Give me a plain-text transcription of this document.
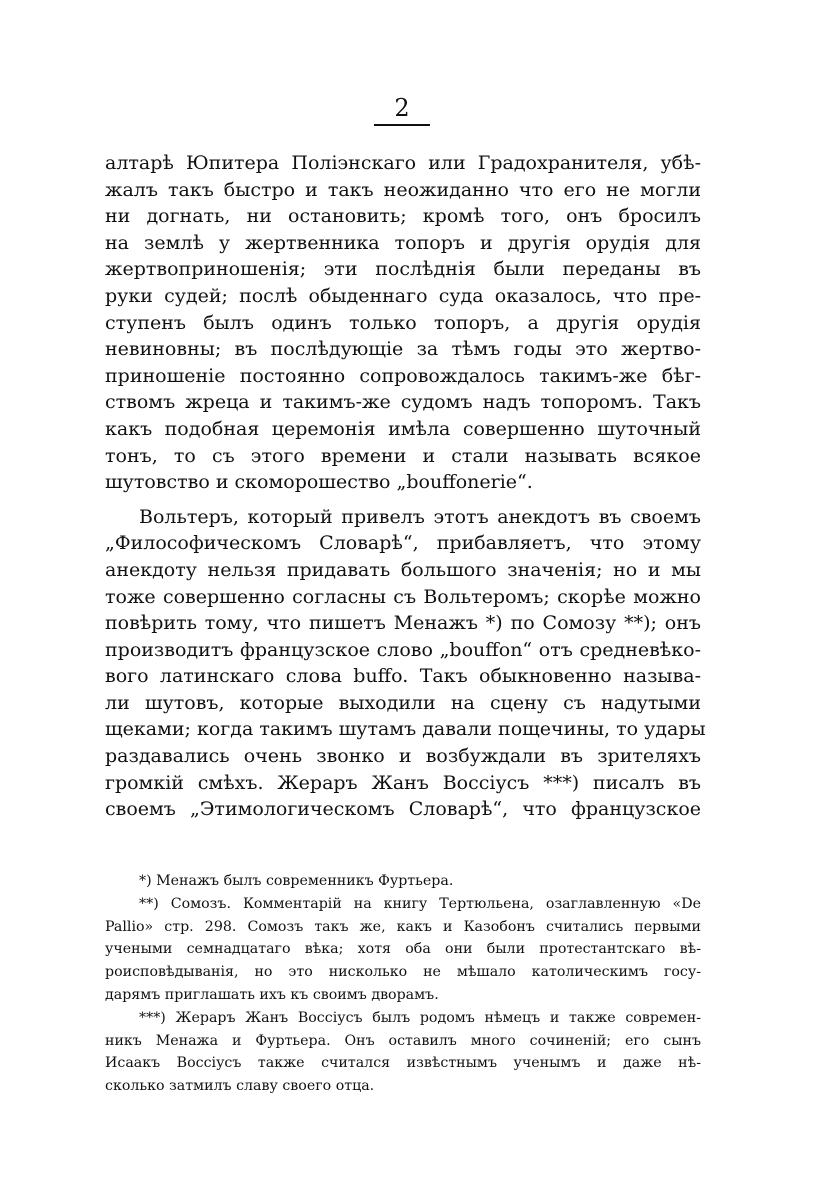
2
алтарѣ Юпитера Поліэнскаго или Градохранителя, убѣ-
жалъ такъ быстро и такъ неожиданно что его не могли
ни догнать, ни остановить; кромѣ того, онъ бросилъ
на землѣ у жертвенника топоръ и другія орудія для
жертвоприношенія; эти послѣднія были переданы въ
руки судей; послѣ обыденнаго суда оказалось, что пре-
ступенъ былъ одинъ только топоръ, а другія орудія
невиновны; въ послѣдующіе за тѣмъ годы это жертво-
приношеніе постоянно сопровождалось такимъ-же бѣг-
ствомъ жреца и такимъ-же судомъ надъ топоромъ. Такъ
какъ подобная церемонія имѣла совершенно шуточный
тонъ, то съ этого времени и стали называть всякое
шутовство и скоморошество „bouffonerie“.
Вольтеръ, который привелъ этотъ анекдотъ въ своемъ
„Философическомъ Словарѣ“, прибавляетъ, что этому
анекдоту нельзя придавать большого значенія; но и мы
тоже совершенно согласны съ Вольтеромъ; скорѣе можно
повѣрить тому, что пишетъ Менажъ *) по Сомозу **); онъ
производитъ французское слово „bouffon“ отъ средневѣко-
вого латинскаго слова buffo. Такъ обыкновенно называ-
ли шутовъ, которые выходили на сцену съ надутыми
щеками; когда такимъ шутамъ давали пощечины, то удары
раздавались очень звонко и возбуждали въ зрителяхъ
громкій смѣхъ. Жераръ Жанъ Воссіусъ ***) писалъ въ
своемъ „Этимологическомъ Словарѣ“, что французское
*) Менажъ былъ современникъ Фуртьера.
**) Сомозъ. Комментарій на книгу Тертюльена, озаглавленную «De
Pallio» стр. 298. Сомозъ такъ же, какъ и Казобонъ считались первыми
учеными семнадцатаго вѣка; хотя оба они были протестантскаго вѣ-
роисповѣдыванія, но это нисколько не мѣшало католическимъ госу-
дарямъ приглашать ихъ къ своимъ дворамъ.
***) Жераръ Жанъ Воссіусъ былъ родомъ нѣмецъ и также современ-
никъ Менажа и Фуртьера. Онъ оставилъ много сочиненій; его сынъ
Исаакъ Воссіусъ также считался извѣстнымъ ученымъ и даже нѣ-
сколько затмилъ славу своего отца.
